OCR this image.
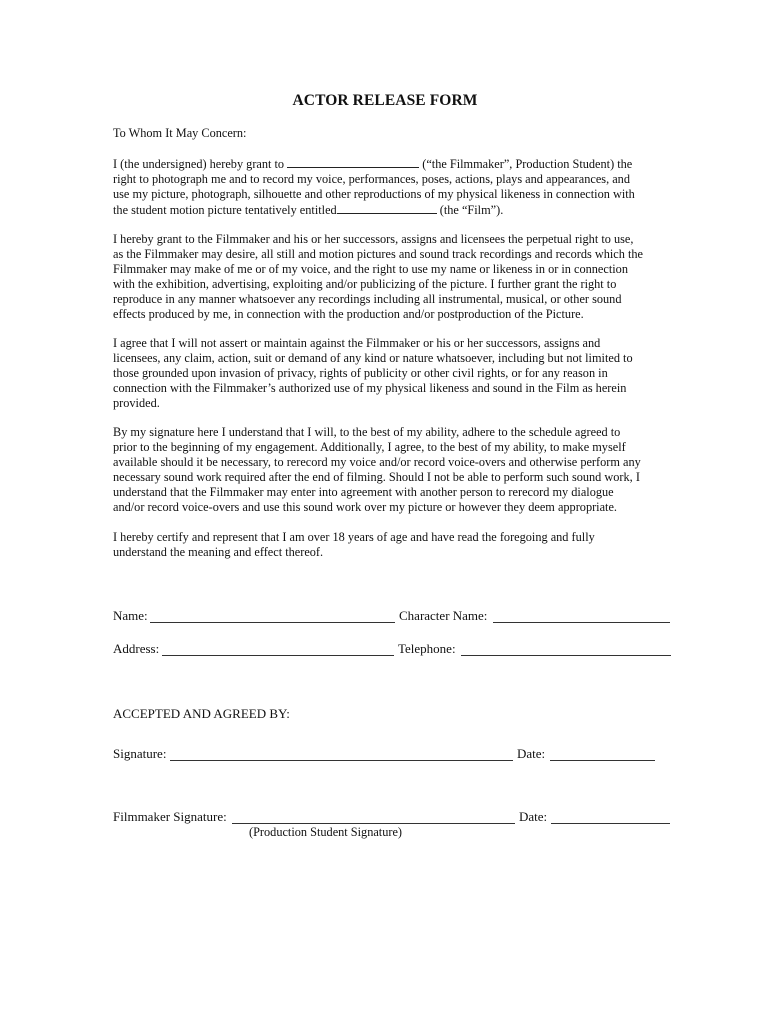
ACTOR RELEASE FORM
To Whom It May Concern:
I (the undersigned) hereby grant to	(“the Filmmaker”, Production Student) the
right to photograph me and to record my voice, performances, poses, actions, plays and appearances, and
use my picture, photograph, silhouette and other reproductions of my physical likeness in connection with
the student motion picture tentatively entitled	(the “Film”).
I hereby grant to the Filmmaker and his or her successors, assigns and licensees the perpetual right to use,
as the Filmmaker may desire, all still and motion pictures and sound track recordings and records which the
Filmmaker may make of me or of my voice, and the right to use my name or likeness in or in connection
with the exhibition, advertising, exploiting and/or publicizing of the picture. I further grant the right to
reproduce in any manner whatsoever any recordings including all instrumental, musical, or other sound
effects produced by me, in connection with the production and/or postproduction of the Picture.
I agree that I will not assert or maintain against the Filmmaker or his or her successors, assigns and
licensees, any claim, action, suit or demand of any kind or nature whatsoever, including but not limited to
those grounded upon invasion of privacy, rights of publicity or other civil rights, or for any reason in
connection with the Filmmaker’s authorized use of my physical likeness and sound in the Film as herein
provided.
By my signature here I understand that I will, to the best of my ability, adhere to the schedule agreed to
prior to the beginning of my engagement. Additionally, I agree, to the best of my ability, to make myself
available should it be necessary, to rerecord my voice and/or record voice-overs and otherwise perform any
necessary sound work required after the end of filming. Should I not be able to perform such sound work, I
understand that the Filmmaker may enter into agreement with another person to rerecord my dialogue
and/or record voice-overs and use this sound work over my picture or however they deem appropriate.
I hereby certify and represent that I am over 18 years of age and have read the foregoing and fully
understand the meaning and effect thereof.
Name:	Character Name:
Address:	Telephone:
ACCEPTED AND AGREED BY:
Signature:	Date:
Filmmaker Signature:	Date:
(Production Student Signature)
